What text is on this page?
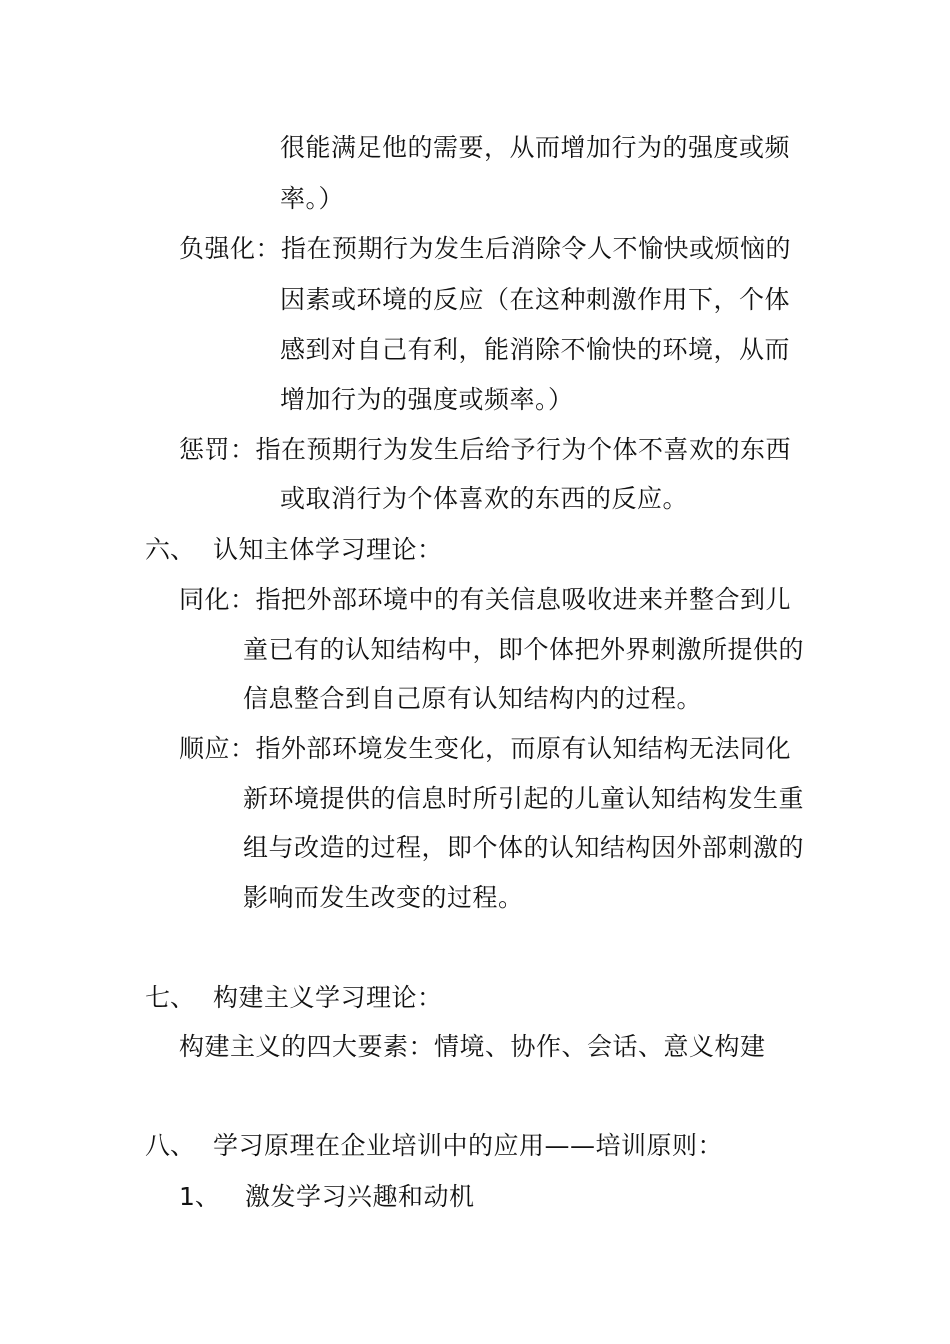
很能满足他的需要，从而增加行为的强度或频
率。）
负强化：指在预期行为发生后消除令人不愉快或烦恼的
因素或环境的反应（在这种刺激作用下，个体
感到对自己有利，能消除不愉快的环境，从而
增加行为的强度或频率。）
惩罚：指在预期行为发生后给予行为个体不喜欢的东西
或取消行为个体喜欢的东西的反应。
六、 认知主体学习理论：
同化：指把外部环境中的有关信息吸收进来并整合到儿
童已有的认知结构中，即个体把外界刺激所提供的
信息整合到自己原有认知结构内的过程。
顺应：指外部环境发生变化，而原有认知结构无法同化
新环境提供的信息时所引起的儿童认知结构发生重
组与改造的过程，即个体的认知结构因外部刺激的
影响而发生改变的过程。
七、 构建主义学习理论：
构建主义的四大要素：情境、协作、会话、意义构建
八、 学习原理在企业培训中的应用——培训原则：
1、 激发学习兴趣和动机
